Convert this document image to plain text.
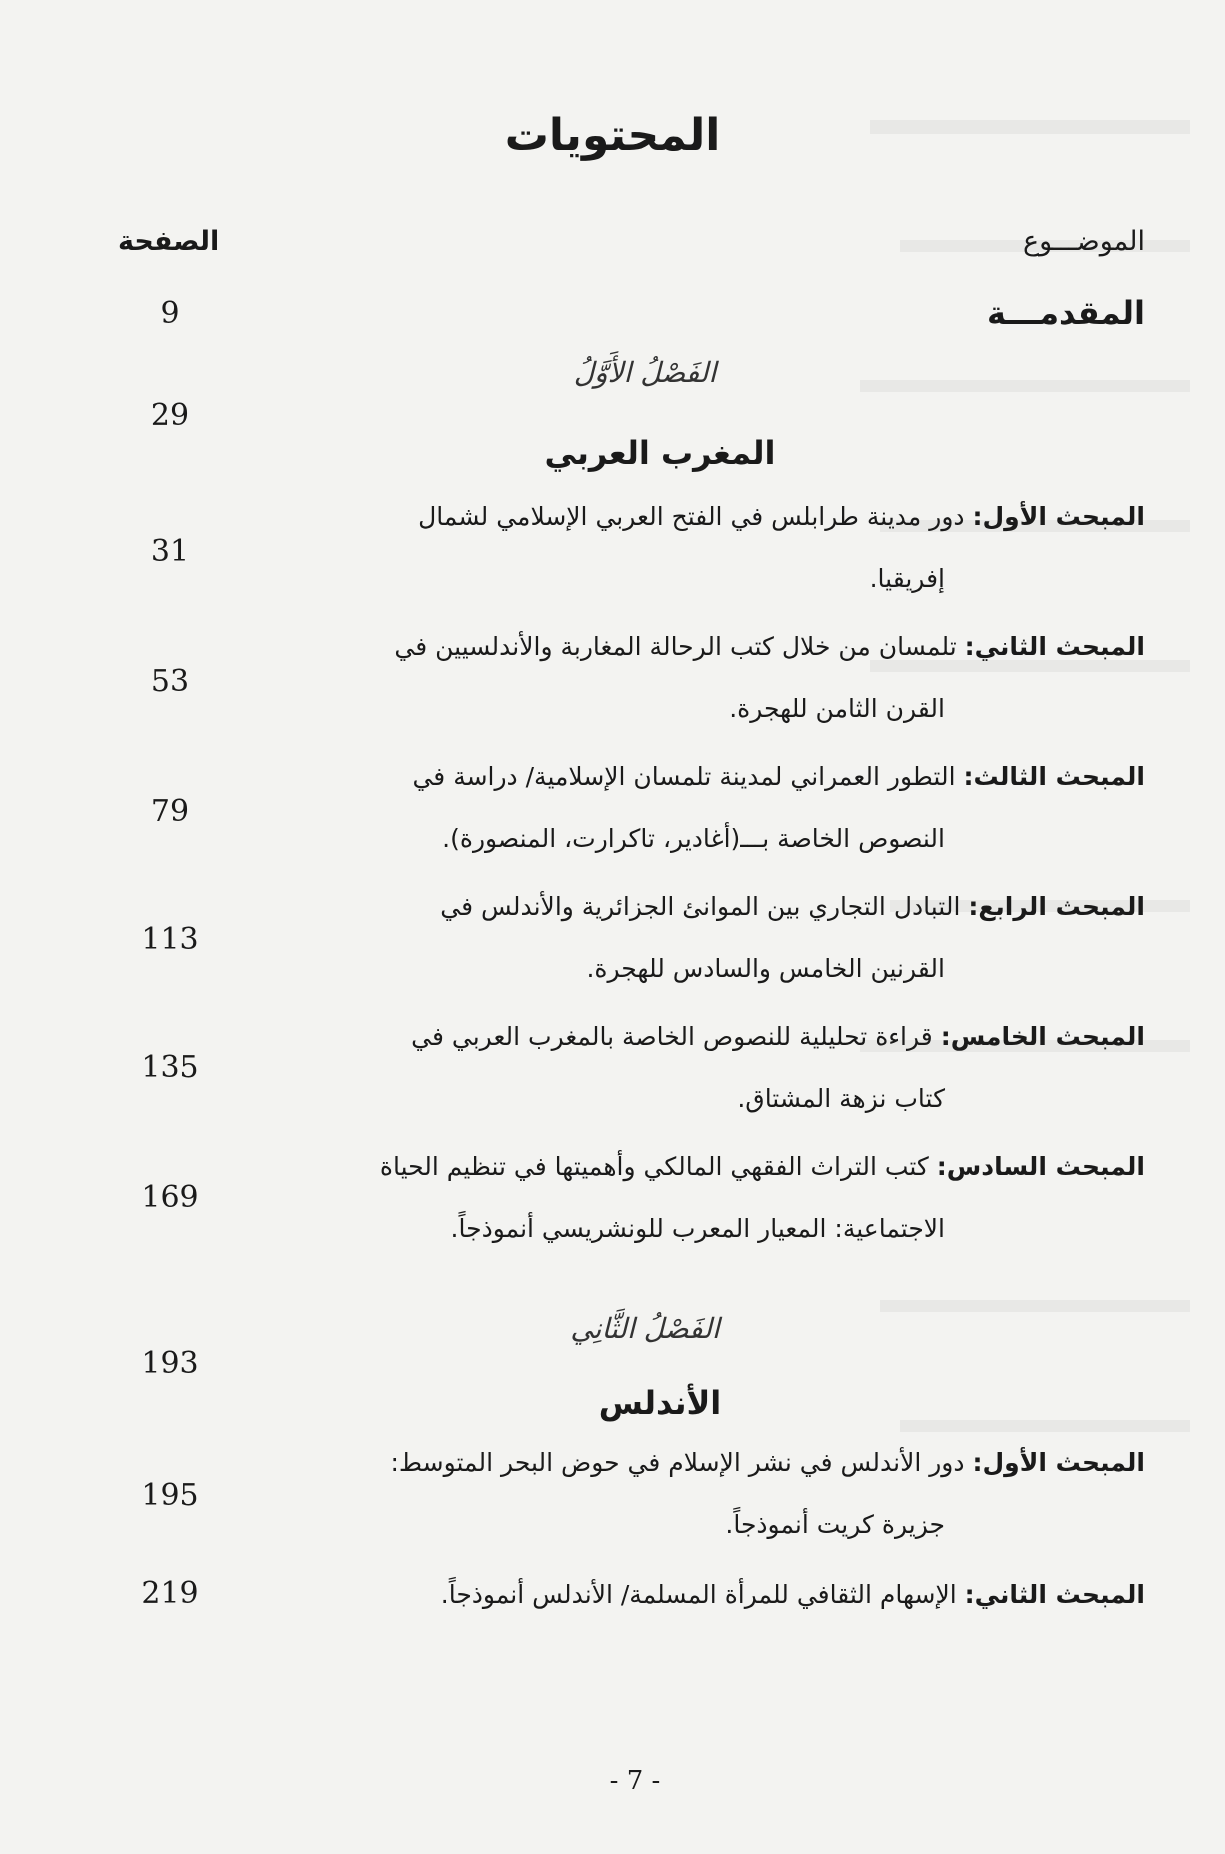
المحتويات
الموضـــوع
الصفحة
المقدمـــة
9
الفَصْلُ الأَوَّلُ
29
المغرب العربي
المبحث الأول: دور مدينة طرابلس في الفتح العربي الإسلامي لشمال
إفريقيا.
31
المبحث الثاني: تلمسان من خلال كتب الرحالة المغاربة والأندلسيين في
القرن الثامن للهجرة.
53
المبحث الثالث: التطور العمراني لمدينة تلمسان الإسلامية/ دراسة في
النصوص الخاصة بـــ(أغادير، تاكرارت، المنصورة).
79
المبحث الرابع: التبادل التجاري بين الموانئ الجزائرية والأندلس في
القرنين الخامس والسادس للهجرة.
113
المبحث الخامس: قراءة تحليلية للنصوص الخاصة بالمغرب العربي في
كتاب نزهة المشتاق.
135
المبحث السادس: كتب التراث الفقهي المالكي وأهميتها في تنظيم الحياة
الاجتماعية: المعيار المعرب للونشريسي أنموذجاً.
169
الفَصْلُ الثَّانِي
193
الأندلس
المبحث الأول: دور الأندلس في نشر الإسلام في حوض البحر المتوسط:
جزيرة كريت أنموذجاً.
195
المبحث الثاني: الإسهام الثقافي للمرأة المسلمة/ الأندلس أنموذجاً.
219
- 7 -
